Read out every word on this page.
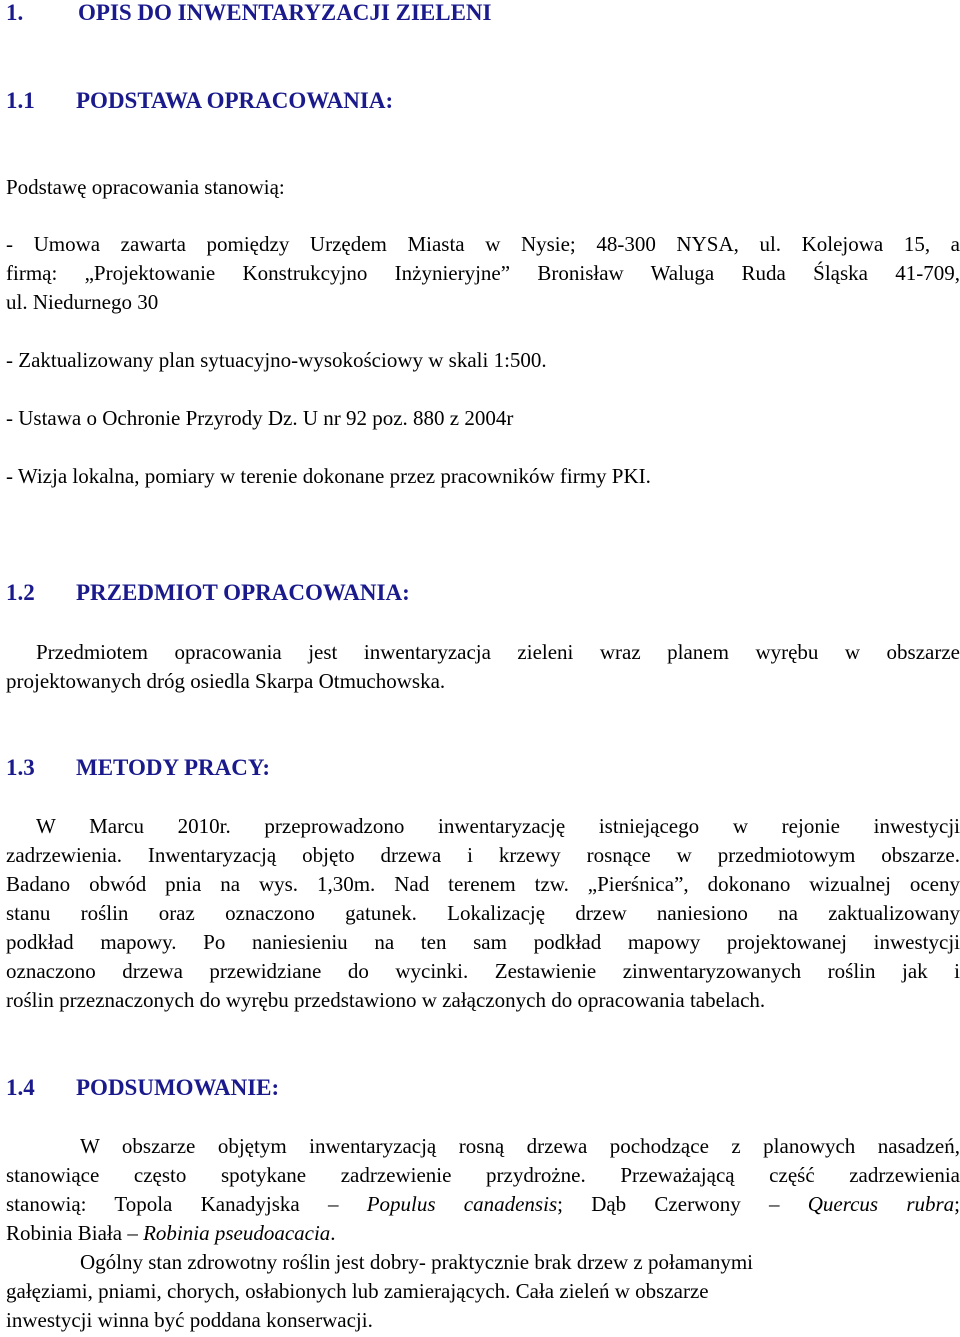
1. OPIS DO INWENTARYZACJI ZIELENI
1.1 PODSTAWA OPRACOWANIA:
Podstawę opracowania stanowią:
- Umowa zawarta pomiędzy Urzędem Miasta w Nysie; 48-300 NYSA, ul. Kolejowa 15, a
firmą: „Projektowanie Konstrukcyjno Inżynieryjne” Bronisław Waluga Ruda Śląska 41-709,
ul. Niedurnego 30
- Zaktualizowany plan sytuacyjno-wysokościowy w skali 1:500.
- Ustawa o Ochronie Przyrody Dz. U nr 92 poz. 880 z 2004r
- Wizja lokalna, pomiary w terenie dokonane przez pracowników firmy PKI.
1.2 PRZEDMIOT OPRACOWANIA:
Przedmiotem opracowania jest inwentaryzacja zieleni wraz planem wyrębu w obszarze
projektowanych dróg osiedla Skarpa Otmuchowska.
1.3 METODY PRACY:
W Marcu 2010r. przeprowadzono inwentaryzację istniejącego w rejonie inwestycji
zadrzewienia. Inwentaryzacją objęto drzewa i krzewy rosnące w przedmiotowym obszarze.
Badano obwód pnia na wys. 1,30m. Nad terenem tzw. „Pierśnica”, dokonano wizualnej oceny
stanu roślin oraz oznaczono gatunek. Lokalizację drzew naniesiono na zaktualizowany
podkład mapowy. Po naniesieniu na ten sam podkład mapowy projektowanej inwestycji
oznaczono drzewa przewidziane do wycinki. Zestawienie zinwentaryzowanych roślin jak i
roślin przeznaczonych do wyrębu przedstawiono w załączonych do opracowania tabelach.
1.4 PODSUMOWANIE:
W obszarze objętym inwentaryzacją rosną drzewa pochodzące z planowych nasadzeń,
stanowiące często spotykane zadrzewienie przydrożne. Przeważającą część zadrzewienia
stanowią: Topola Kanadyjska – Populus canadensis; Dąb Czerwony – Quercus rubra;
Robinia Biała – Robinia pseudoacacia.
Ogólny stan zdrowotny roślin jest dobry- praktycznie brak drzew z połamanymi
gałęziami, pniami, chorych, osłabionych lub zamierających. Cała zieleń w obszarze
inwestycji winna być poddana konserwacji.
